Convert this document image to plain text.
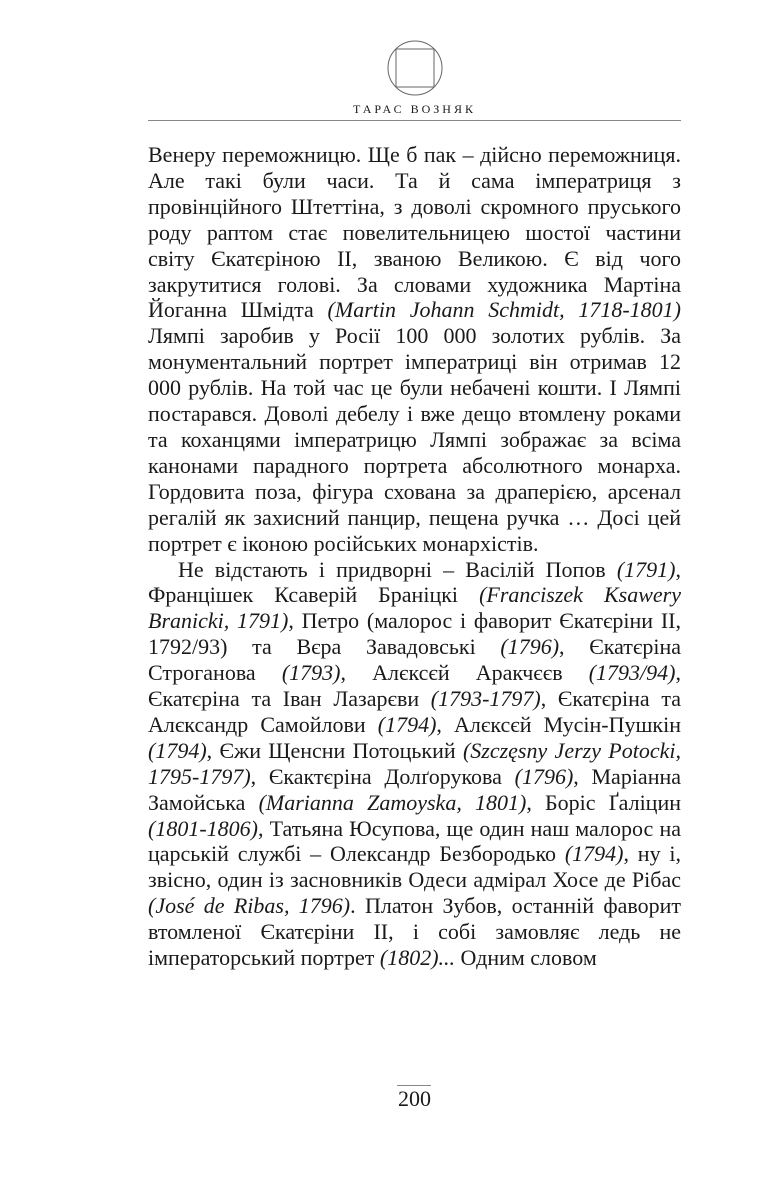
ТАРАС ВОЗНЯК

Венеру переможницю. Ще б пак – дійсно переможниця. Але такі були часи. Та й сама імператриця з провінційного Штеттіна, з доволі скромного пруського роду раптом стає повелительницею шостої частини світу Єкатєріною ІІ, званою Великою. Є від чого закрутитися голові. За словами художника Мартіна Йоганна Шмідта (Martin Johann Schmidt, 1718-1801) Лямпі заробив у Росії 100 000 золотих рублів. За монументальний портрет імператриці він отримав 12 000 рублів. На той час це були небачені кошти. І Лямпі постарався. Доволі дебелу і вже дещо втомлену роками та коханцями імператрицю Лямпі зображає за всіма канонами парадного портрета абсолютного монарха. Гордовита поза, фігура схована за драперією, арсенал регалій як захисний панцир, пещена ручка … Досі цей портрет є іконою російських монархістів.

Не відстають і придворні – Васілій Попов (1791), Францішек Ксаверій Браніцкі (Franciszek Ksawery Branicki, 1791), Петро (малорос і фаворит Єкатєріни ІІ, 1792/93) та Вєра Завадовські (1796), Єкатєріна Строганова (1793), Алєксєй Аракчєєв (1793/94), Єкатєріна та Іван Лазарєви (1793-1797), Єкатєріна та Алєксандр Самойлови (1794), Алєксєй Мусін-Пушкін (1794), Єжи Щенсни Потоцький (Szczęsny Jerzy Potocki, 1795-1797), Єкактєріна Долґорукова (1796), Маріанна Замойська (Marianna Zamoyska, 1801), Боріс Ґаліцин (1801-1806), Татьяна Юсупова, ще один наш малорос на царській службі – Олександр Безбородько (1794), ну і, звісно, один із засновників Одеси адмірал Хосе де Рібас (José de Ribas, 1796). Платон Зубов, останній фаворит втомленої Єкатєріни ІІ, і собі замовляє ледь не імператорський портрет (1802)... Одним словом

200
